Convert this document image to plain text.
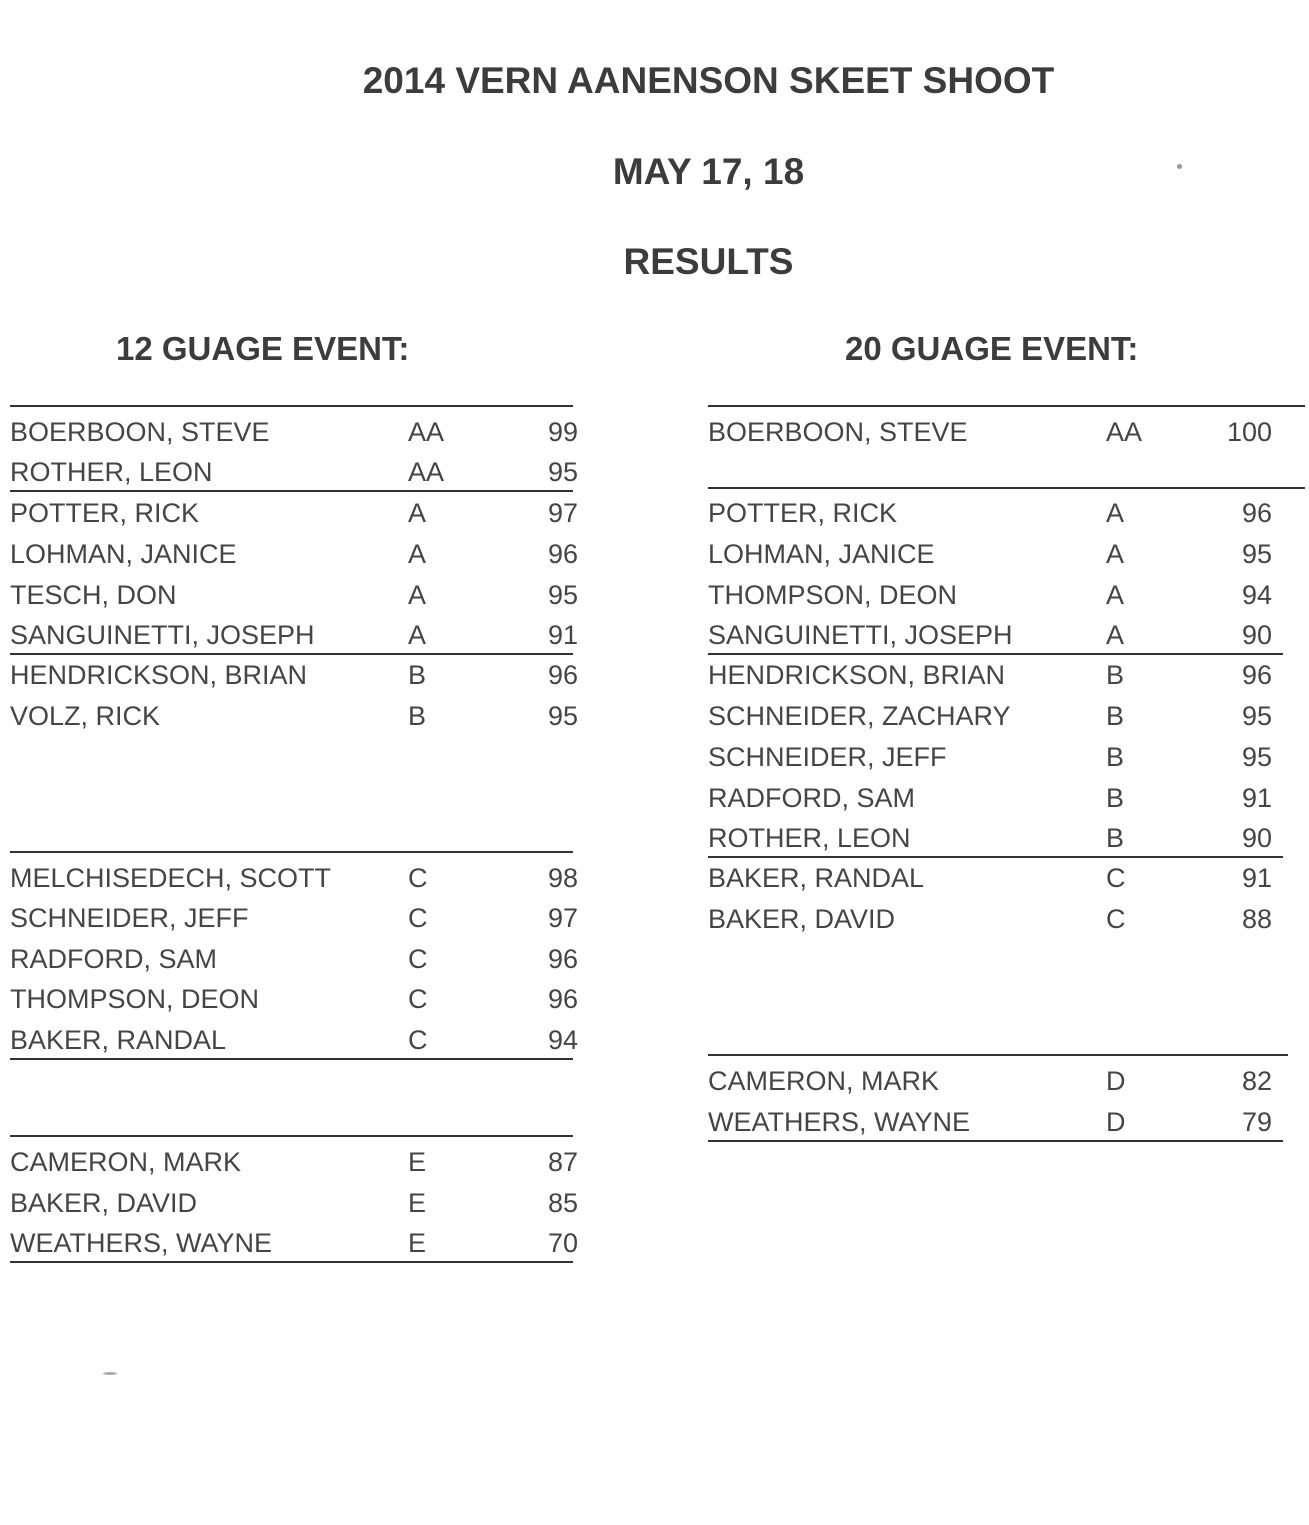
2014 VERN AANENSON SKEET SHOOT
MAY 17, 18
RESULTS
12 GUAGE EVENT:	20 GUAGE EVENT:
BOERBOON, STEVE	AA	99
ROTHER, LEON	AA	95
POTTER, RICK	A	97
LOHMAN, JANICE	A	96
TESCH, DON	A	95
SANGUINETTI, JOSEPH	A	91
HENDRICKSON, BRIAN	B	96
VOLZ, RICK	B	95
MELCHISEDECH, SCOTT	C	98
SCHNEIDER, JEFF	C	97
RADFORD, SAM	C	96
THOMPSON, DEON	C	96
BAKER, RANDAL	C	94
CAMERON, MARK	E	87
BAKER, DAVID	E	85
WEATHERS, WAYNE	E	70
BOERBOON, STEVE	AA	100
POTTER, RICK	A	96
LOHMAN, JANICE	A	95
THOMPSON, DEON	A	94
SANGUINETTI, JOSEPH	A	90
HENDRICKSON, BRIAN	B	96
SCHNEIDER, ZACHARY	B	95
SCHNEIDER, JEFF	B	95
RADFORD, SAM	B	91
ROTHER, LEON	B	90
BAKER, RANDAL	C	91
BAKER, DAVID	C	88
CAMERON, MARK	D	82
WEATHERS, WAYNE	D	79
